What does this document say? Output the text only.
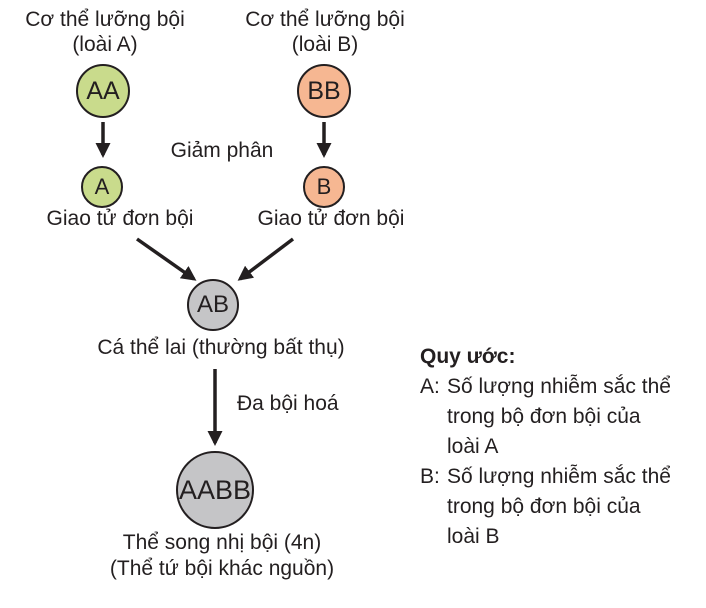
Cơ thể lưỡng bội
(loài A)
AA
A
Giao tử đơn bội
Cơ thể lưỡng bội
(loài B)
BB
B
Giao tử đơn bội
Giảm phân
AB
Cá thể lai (thường bất thụ)
Đa bội hoá
AABB
Thể song nhị bội (4n)
(Thể tứ bội khác nguồn)
Quy ước:
A: Số lượng nhiễm sắc thể
trong bộ đơn bội của
loài A
B: Số lượng nhiễm sắc thể
trong bộ đơn bội của
loài B
